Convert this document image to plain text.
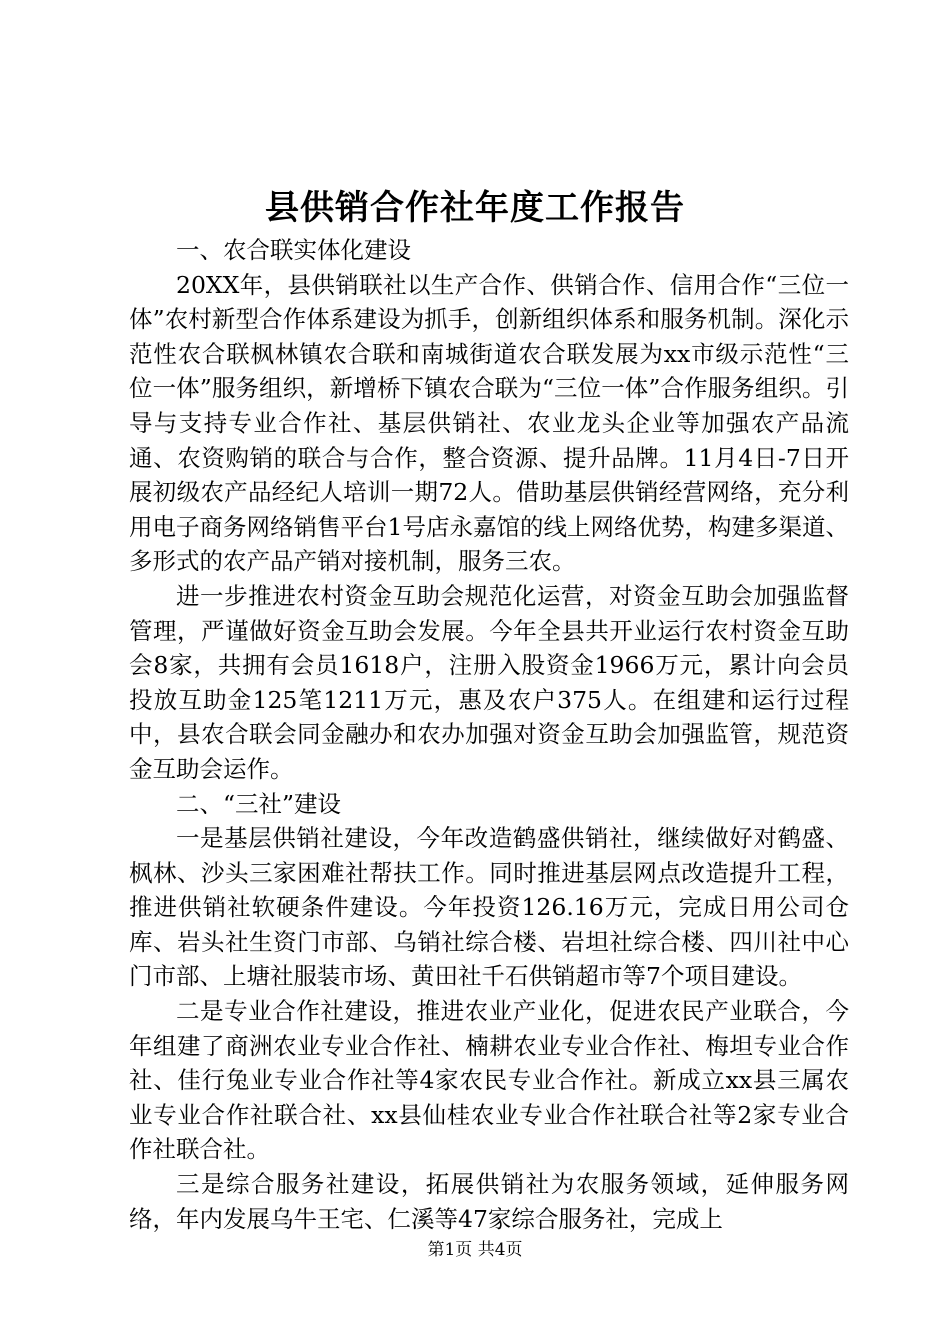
县供销合作社年度工作报告

一、农合联实体化建设

20XX年，县供销联社以生产合作、供销合作、信用合作“三位一体”农村新型合作体系建设为抓手，创新组织体系和服务机制。深化示范性农合联枫林镇农合联和南城街道农合联发展为xx市级示范性“三位一体”服务组织，新增桥下镇农合联为“三位一体”合作服务组织。引导与支持专业合作社、基层供销社、农业龙头企业等加强农产品流通、农资购销的联合与合作，整合资源、提升品牌。11月4日-7日开展初级农产品经纪人培训一期72人。借助基层供销经营网络，充分利用电子商务网络销售平台1号店永嘉馆的线上网络优势，构建多渠道、多形式的农产品产销对接机制，服务三农。

进一步推进农村资金互助会规范化运营，对资金互助会加强监督管理，严谨做好资金互助会发展。今年全县共开业运行农村资金互助会8家，共拥有会员1618户，注册入股资金1966万元，累计向会员投放互助金125笔1211万元，惠及农户375人。在组建和运行过程中，县农合联会同金融办和农办加强对资金互助会加强监管，规范资金互助会运作。

二、“三社”建设

一是基层供销社建设，今年改造鹤盛供销社，继续做好对鹤盛、枫林、沙头三家困难社帮扶工作。同时推进基层网点改造提升工程，推进供销社软硬条件建设。今年投资126.16万元，完成日用公司仓库、岩头社生资门市部、乌销社综合楼、岩坦社综合楼、四川社中心门市部、上塘社服装市场、黄田社千石供销超市等7个项目建设。

二是专业合作社建设，推进农业产业化，促进农民产业联合，今年组建了商洲农业专业合作社、楠耕农业专业合作社、梅坦专业合作社、佳行兔业专业合作社等4家农民专业合作社。新成立xx县三属农业专业合作社联合社、xx县仙桂农业专业合作社联合社等2家专业合作社联合社。

三是综合服务社建设，拓展供销社为农服务领域，延伸服务网络，年内发展乌牛王宅、仁溪等47家综合服务社，完成上

第1页 共4页
